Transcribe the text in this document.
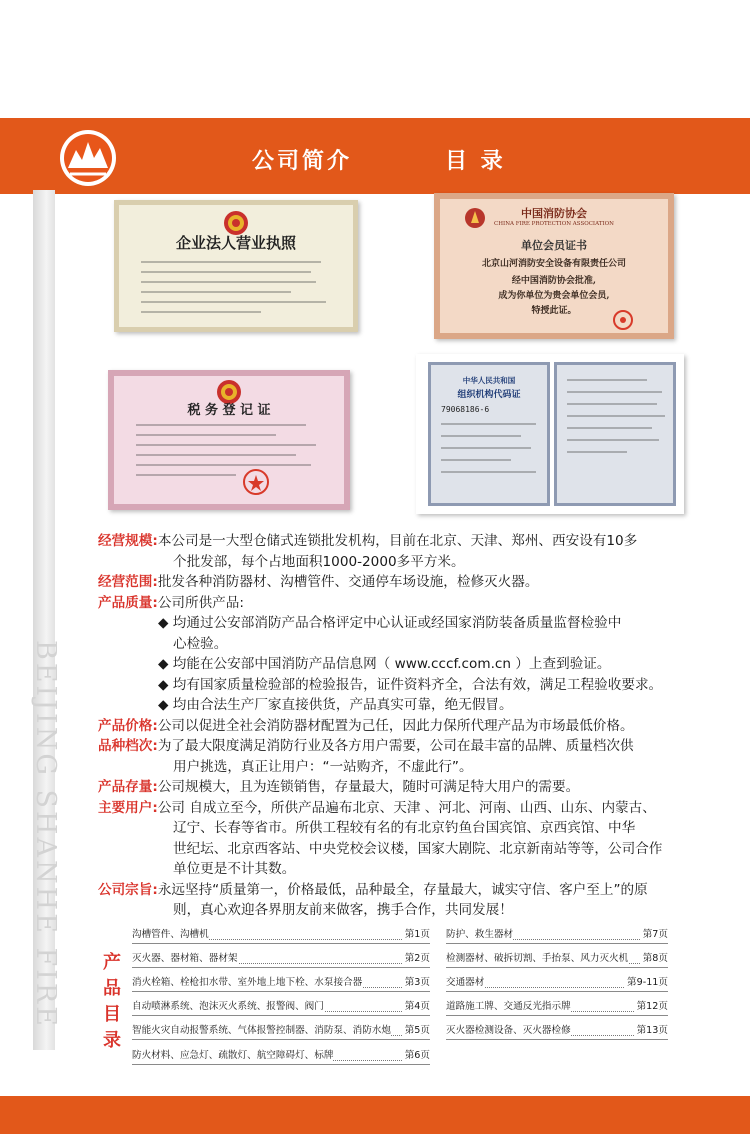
公司简介	目 录
BEIJING SHANHE FIRE
企业法人营业执照
中国消防协会
CHINA FIRE PROTECTION ASSOCIATION
单位会员证书
北京山河消防安全设备有限责任公司
经中国消防协会批准,
成为你单位为贵会单位会员,
特授此证。
税 务 登 记 证
中华人民共和国
组织机构代码证
79068186-6
经营规模: 本公司是一大型仓储式连锁批发机构，目前在北京、天津、郑州、西安设有10多
个批发部，每个占地面积1000-2000多平方米。
经营范围: 批发各种消防器材、沟槽管件、交通停车场设施，检修灭火器。
产品质量: 公司所供产品:
◆ 均通过公安部消防产品合格评定中心认证或经国家消防装备质量监督检验中
心检验。
◆ 均能在公安部中国消防产品信息网（ www.cccf.com.cn ）上查到验证。
◆ 均有国家质量检验部的检验报告，证件资料齐全，合法有效，满足工程验收要求。
◆ 均由合法生产厂家直接供货，产品真实可靠，绝无假冒。
产品价格: 公司以促进全社会消防器材配置为己任，因此力保所代理产品为市场最低价格。
品种档次: 为了最大限度满足消防行业及各方用户需要，公司在最丰富的品牌、质量档次供
用户挑选，真正让用户：“一站购齐，不虚此行”。
产品存量: 公司规模大，且为连锁销售，存量最大，随时可满足特大用户的需要。
主要用户: 公司 自成立至今，所供产品遍布北京、天津 、河北、河南、山西、山东、内蒙古、
辽宁、长春等省市。所供工程较有名的有北京钓鱼台国宾馆、京西宾馆、中华
世纪坛、北京西客站、中央党校会议楼，国家大剧院、北京新南站等等，公司合作
单位更是不计其数。
公司宗旨: 永远坚持“质量第一，价格最低，品种最全，存量最大，诚实守信、客户至上”的原
则，真心欢迎各界朋友前来做客，携手合作，共同发展！
产
品
目
录
沟槽管件、沟槽机	第1页
灭火器、器材箱、器材架	第2页
消火栓箱、栓枪扣水带、室外地上地下栓、水泵接合器	第3页
自动喷淋系统、泡沫灭火系统、报警阀、阀门	第4页
智能火灾自动报警系统、气体报警控制器、消防泵、消防水炮 第5页
防火材料、应急灯、疏散灯、航空障碍灯、标牌	第6页
防护、救生器材	第7页
检测器材、破拆切割、手抬泵、风力灭火机 第8页
交通器材	第9-11页
道路施工牌、交通反光指示牌	第12页
灭火器检测设备、灭火器检修	第13页
